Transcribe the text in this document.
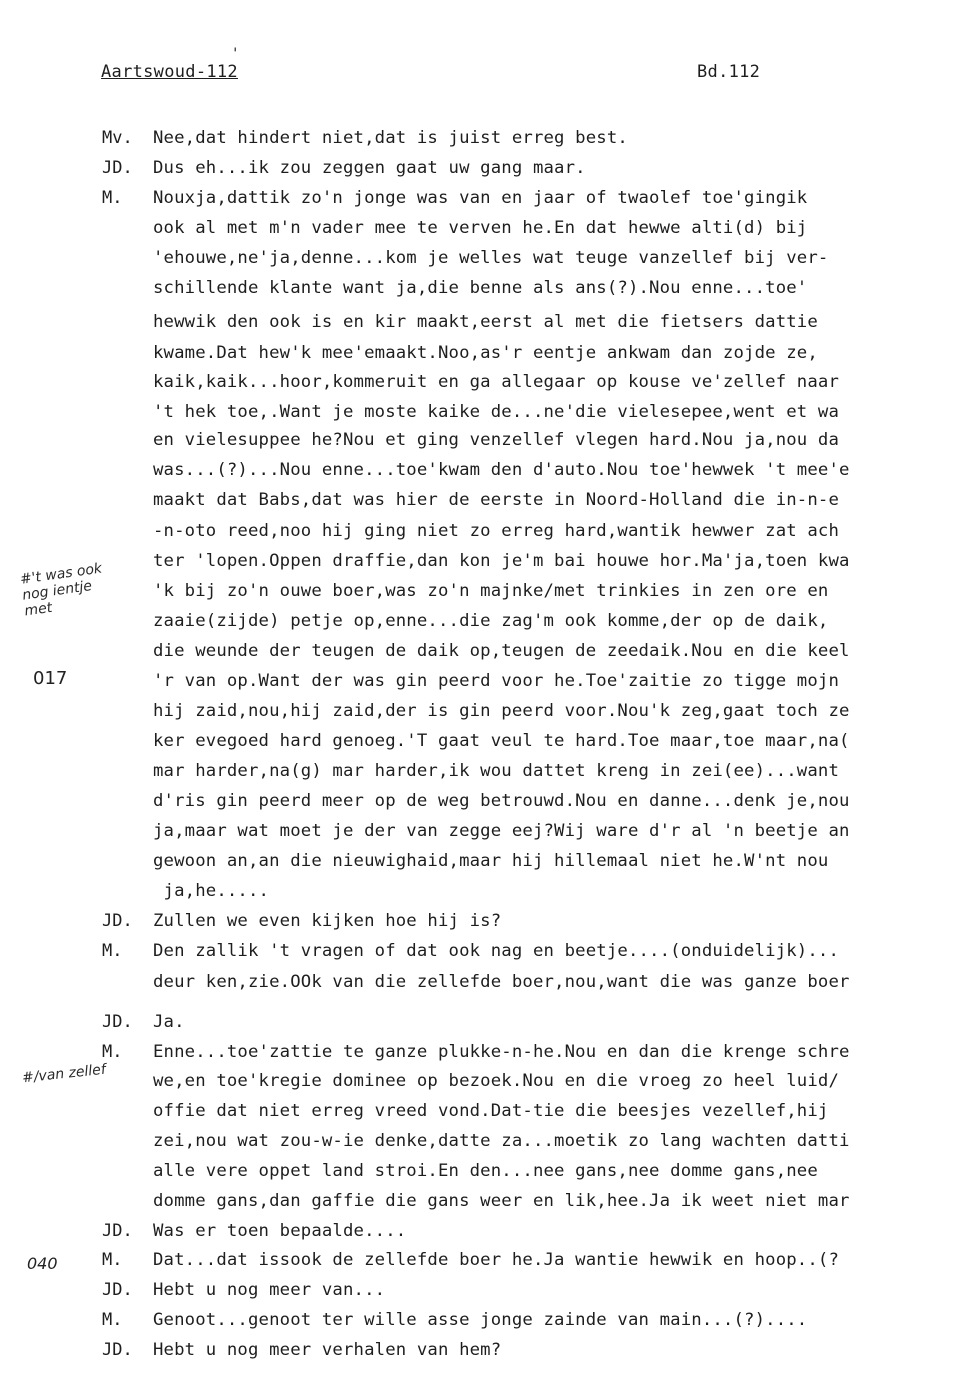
Aartswoud-112	Bd.112
'
#'t was ook
nog ientje
met
#/van zellef
017
040
Mv.	Nee,dat hindert niet,dat is juist erreg best.
JD.	Dus eh...ik zou zeggen gaat uw gang maar.
M.	Nouxja,dattik zo'n jonge was van en jaar of twaolef toe'gingik
ook al met m'n vader mee te verven he.En dat hewwe alti(d) bij
'ehouwe,ne'ja,denne...kom je welles wat teuge vanzellef bij ver-
schillende klante want ja,die benne als ans(?).Nou enne...toe'
hewwik den ook is en kir maakt,eerst al met die fietsers dattie
kwame.Dat hew'k mee'emaakt.Noo,as'r eentje ankwam dan zojde ze,
kaik,kaik...hoor,kommeruit en ga allegaar op kouse ve'zellef naar
't hek toe,.Want je moste kaike de...ne'die vielesepee,went et wa
en vielesuppee he?Nou et ging venzellef vlegen hard.Nou ja,nou da
was...(?)...Nou enne...toe'kwam den d'auto.Nou toe'hewwek 't mee'e
maakt dat Babs,dat was hier de eerste in Noord-Holland die in-n-e
-n-oto reed,noo hij ging niet zo erreg hard,wantik hewwer zat ach
ter 'lopen.Oppen draffie,dan kon je'm bai houwe hor.Ma'ja,toen kwa
'k bij zo'n ouwe boer,was zo'n majnke/met trinkies in zen ore en
zaaie(zijde) petje op,enne...die zag'm ook komme,der op de daik,
die weunde der teugen de daik op,teugen de zeedaik.Nou en die keel
'r van op.Want der was gin peerd voor he.Toe'zaitie zo tigge mojn
hij zaid,nou,hij zaid,der is gin peerd voor.Nou'k zeg,gaat toch ze
ker evegoed hard genoeg.'T gaat veul te hard.Toe maar,toe maar,na(
mar harder,na(g) mar harder,ik wou dattet kreng in zei(ee)...want
d'ris gin peerd meer op de weg betrouwd.Nou en danne...denk je,nou
ja,maar wat moet je der van zegge eej?Wij ware d'r al 'n beetje an
gewoon an,an die nieuwighaid,maar hij hillemaal niet he.W'nt nou
ja,he.....
JD.	Zullen we even kijken hoe hij is?
M.	Den zallik 't vragen of dat ook nag en beetje....(onduidelijk)...
deur ken,zie.OOk van die zellefde boer,nou,want die was ganze boer
JD.	Ja.
M.	Enne...toe'zattie te ganze plukke-n-he.Nou en dan die krenge schre
we,en toe'kregie dominee op bezoek.Nou en die vroeg zo heel luid/
offie dat niet erreg vreed vond.Dat-tie die beesjes vezellef,hij
zei,nou wat zou-w-ie denke,datte za...moetik zo lang wachten datti
alle vere oppet land stroi.En den...nee gans,nee domme gans,nee
domme gans,dan gaffie die gans weer en lik,hee.Ja ik weet niet mar
JD.	Was er toen bepaalde....
M.	Dat...dat issook de zellefde boer he.Ja wantie hewwik en hoop..(?
JD.	Hebt u nog meer van...
M.	Genoot...genoot ter wille asse jonge zainde van main...(?)....
JD.	Hebt u nog meer verhalen van hem?
